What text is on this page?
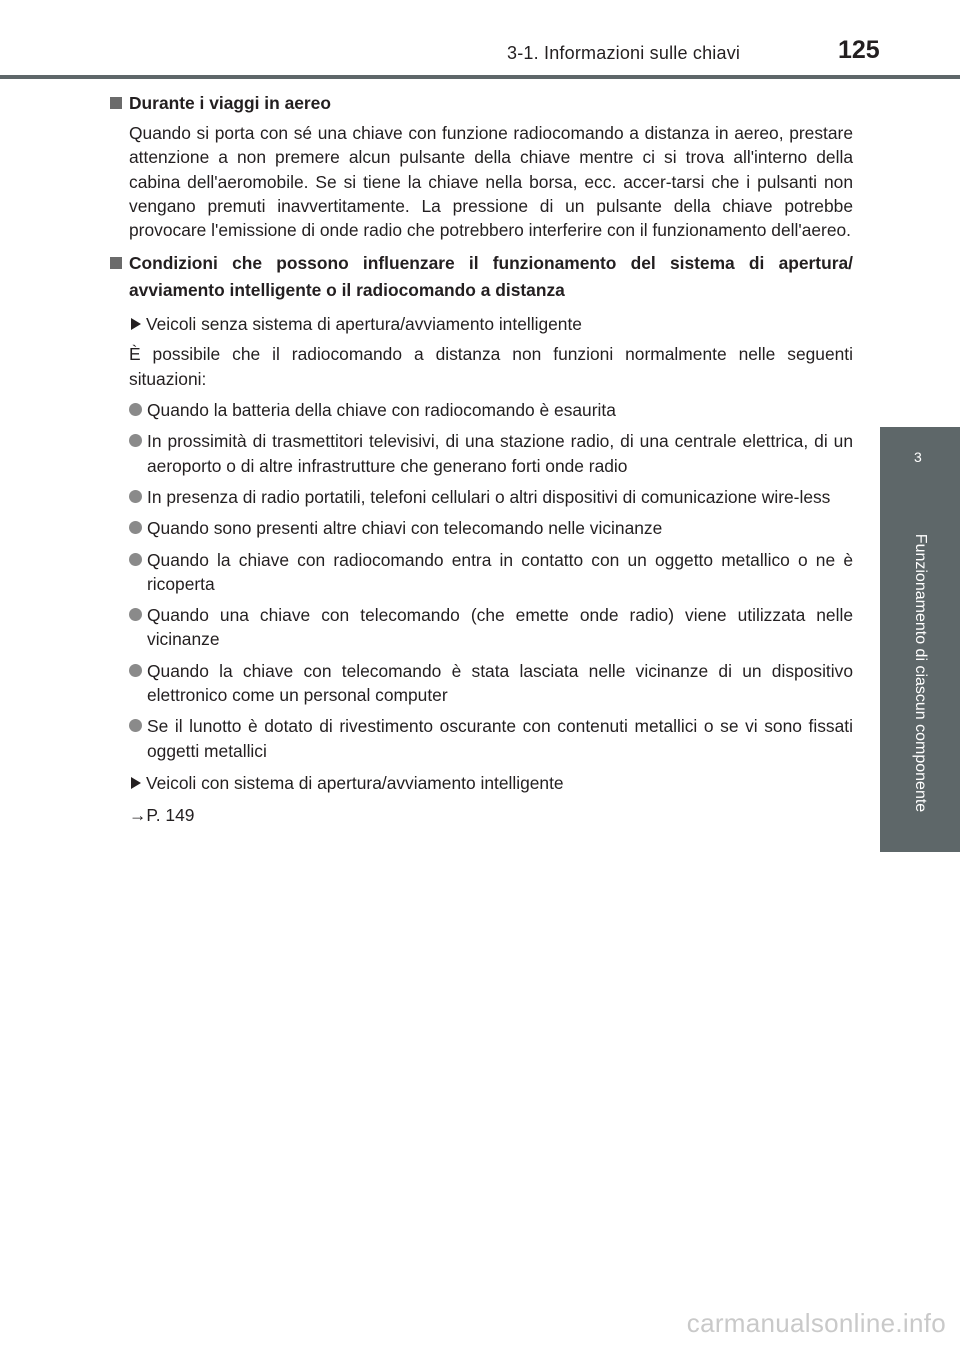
3-1. Informazioni sulle chiavi	125
3
Funzionamento di ciascun componente

Durante i viaggi in aereo

Quando si porta con sé una chiave con funzione radiocomando a distanza in aereo, prestare attenzione a non premere alcun pulsante della chiave mentre ci si trova all'interno della cabina dell'aeromobile. Se si tiene la chiave nella borsa, ecc. accer-tarsi che i pulsanti non vengano premuti inavvertitamente. La pressione di un pulsante della chiave potrebbe provocare l'emissione di onde radio che potrebbero interferire con il funzionamento dell'aereo.

Condizioni che possono influenzare il funzionamento del sistema di apertura/ avviamento intelligente o il radiocomando a distanza

Veicoli senza sistema di apertura/avviamento intelligente

È possibile che il radiocomando a distanza non funzioni normalmente nelle seguenti situazioni:

Quando la batteria della chiave con radiocomando è esaurita
In prossimità di trasmettitori televisivi, di una stazione radio, di una centrale elettrica, di un aeroporto o di altre infrastrutture che generano forti onde radio
In presenza di radio portatili, telefoni cellulari o altri dispositivi di comunicazione wire-less
Quando sono presenti altre chiavi con telecomando nelle vicinanze
Quando la chiave con radiocomando entra in contatto con un oggetto metallico o ne è ricoperta
Quando una chiave con telecomando (che emette onde radio) viene utilizzata nelle vicinanze
Quando la chiave con telecomando è stata lasciata nelle vicinanze di un dispositivo elettronico come un personal computer
Se il lunotto è dotato di rivestimento oscurante con contenuti metallici o se vi sono fissati oggetti metallici
Veicoli con sistema di apertura/avviamento intelligente

→P. 149

carmanualsonline.info
